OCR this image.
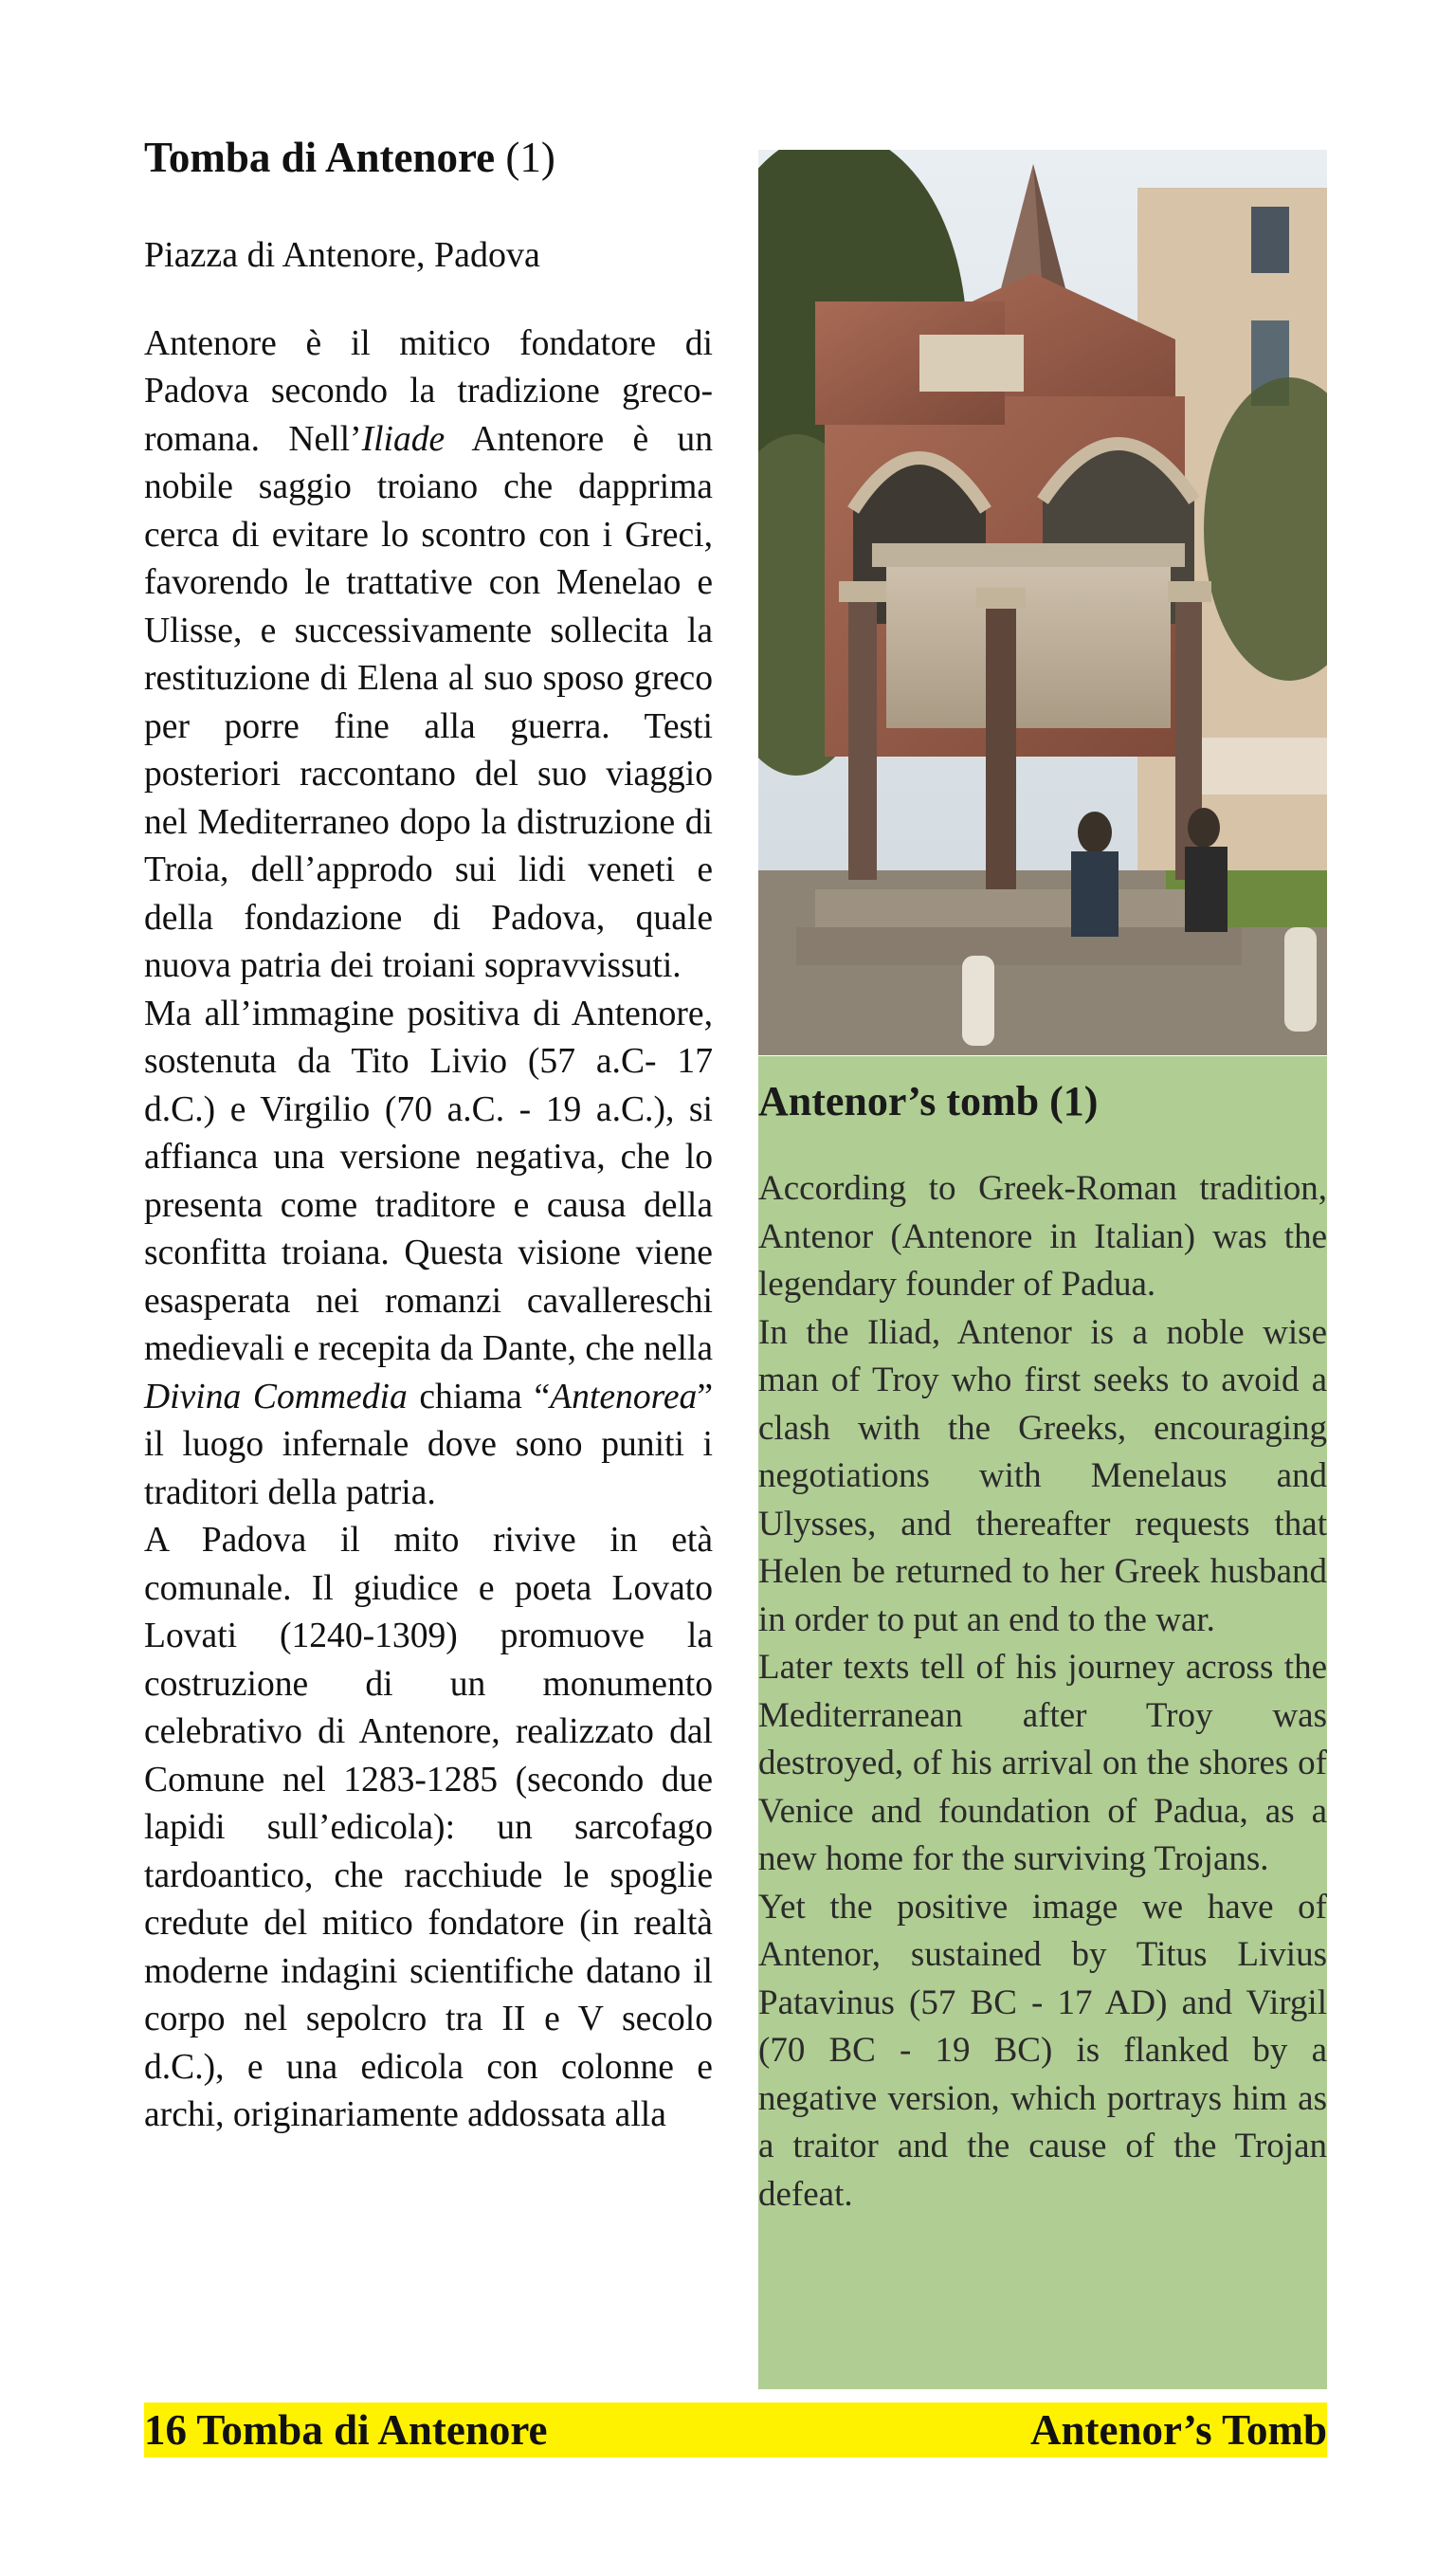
Tomba di Antenore (1)

Piazza di Antenore, Padova

Antenore è il mitico fondatore di Padova secondo la tradizione greco-romana. Nell’Iliade Antenore è un nobile saggio troiano che dapprima cerca di evitare lo scontro con i Greci, favorendo le trattative con Menelao e Ulisse, e successivamente sollecita la restituzione di Elena al suo sposo greco per porre fine alla guerra. Testi posteriori raccontano del suo viaggio nel Mediterraneo dopo la distruzione di Troia, dell’approdo sui lidi veneti e della fondazione di Padova, quale nuova patria dei troiani sopravvissuti.

Ma all’immagine positiva di Antenore, sostenuta da Tito Livio (57 a.C- 17 d.C.) e Virgilio (70 a.C. - 19 a.C.), si affianca una versione negativa, che lo presenta come traditore e causa della sconfitta troiana. Questa visione viene esasperata nei romanzi cavallereschi medievali e recepita da Dante, che nella Divina Commedia chiama “Antenorea” il luogo infernale dove sono puniti i traditori della patria.

A Padova il mito rivive in età comunale. Il giudice e poeta Lovato Lovati (1240-1309) promuove la costruzione di un monumento celebrativo di Antenore, realizzato dal Comune nel 1283-1285 (secondo due lapidi sull’edicola): un sarcofago tardoantico, che racchiude le spoglie credute del mitico fondatore (in realtà moderne indagini scientifiche datano il corpo nel sepolcro tra II e V secolo d.C.), e una edicola con colonne e archi, originariamente addossata alla

Antenor’s tomb (1)

According to Greek-Roman tradition, Antenor (Antenore in Italian) was the legendary founder of Padua.

In the Iliad, Antenor is a noble wise man of Troy who first seeks to avoid a clash with the Greeks, encouraging negotiations with Menelaus and Ulysses, and thereafter requests that Helen be returned to her Greek husband in order to put an end to the war.

Later texts tell of his journey across the Mediterranean after Troy was destroyed, of his arrival on the shores of Venice and foundation of Padua, as a new home for the surviving Trojans.

Yet the positive image we have of Antenor, sustained by Titus Livius Patavinus (57 BC - 17 AD) and Virgil (70 BC - 19 BC) is flanked by a negative version, which portrays him as a traitor and the cause of the Trojan defeat.

16 Tomba di Antenore	Antenor’s Tomb
